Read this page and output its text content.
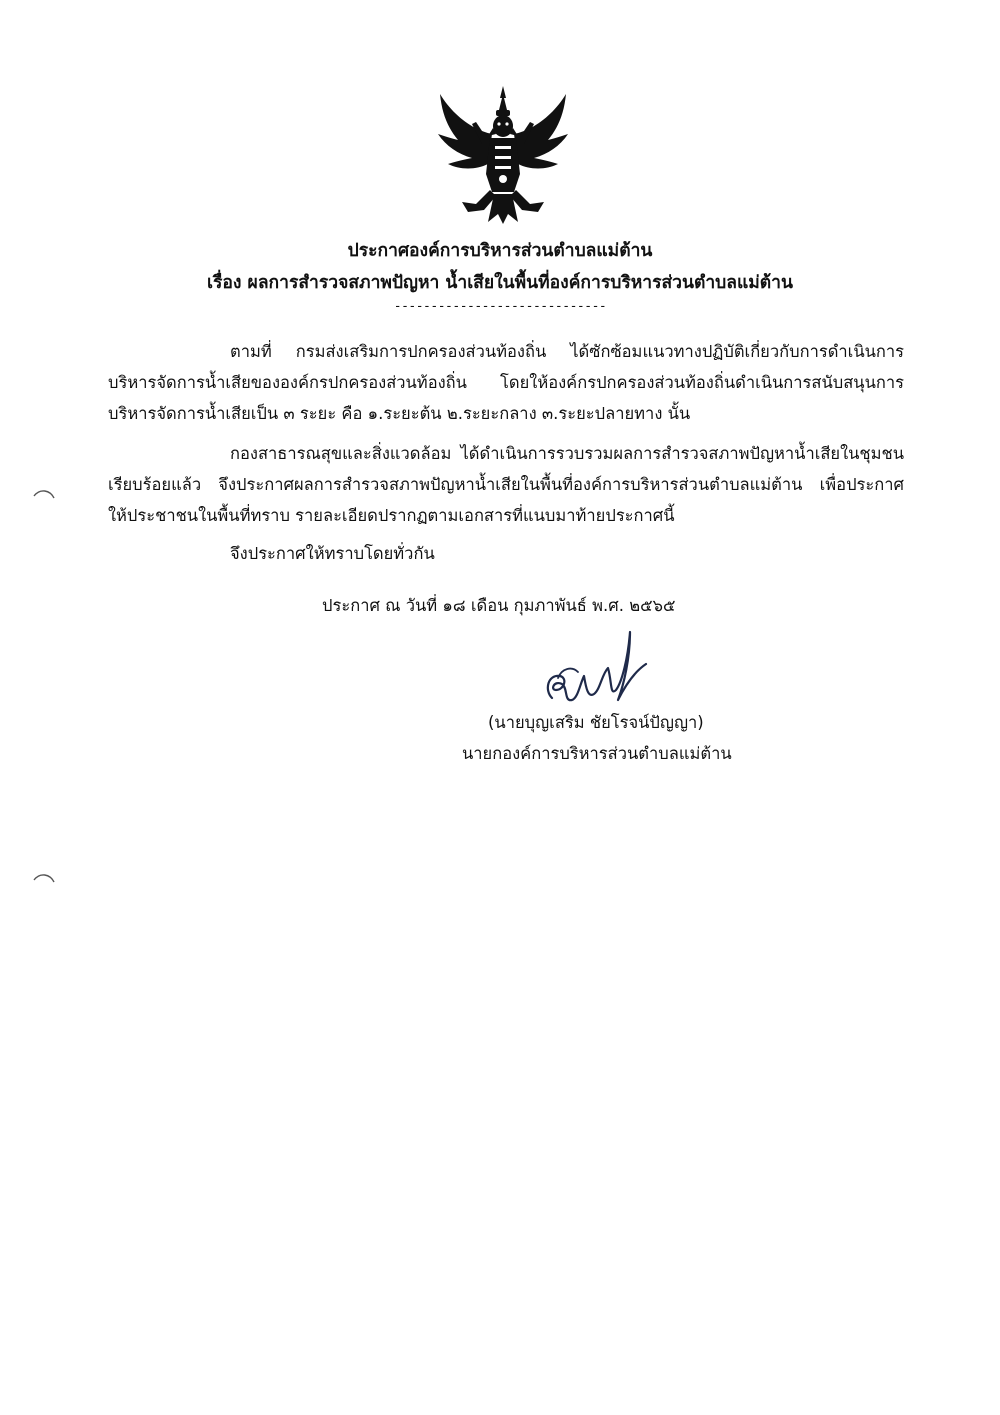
ประกาศองค์การบริหารส่วนตำบลแม่ต้าน
เรื่อง ผลการสำรวจสภาพปัญหา น้ำเสียในพื้นที่องค์การบริหารส่วนตำบลแม่ต้าน
-----------------------------
ตามที่ กรมส่งเสริมการปกครองส่วนท้องถิ่น ได้ซักซ้อมแนวทางปฏิบัติเกี่ยวกับการดำเนินการ
บริหารจัดการน้ำเสียขององค์กรปกครองส่วนท้องถิ่น โดยให้องค์กรปกครองส่วนท้องถิ่นดำเนินการสนับสนุนการ
บริหารจัดการน้ำเสียเป็น ๓ ระยะ คือ ๑.ระยะต้น ๒.ระยะกลาง ๓.ระยะปลายทาง นั้น
กองสาธารณสุขและสิ่งแวดล้อม ได้ดำเนินการรวบรวมผลการสำรวจสภาพปัญหาน้ำเสียในชุมชน
เรียบร้อยแล้ว จึงประกาศผลการสำรวจสภาพปัญหาน้ำเสียในพื้นที่องค์การบริหารส่วนตำบลแม่ต้าน เพื่อประกาศ
ให้ประชาชนในพื้นที่ทราบ รายละเอียดปรากฏตามเอกสารที่แนบมาท้ายประกาศนี้
จึงประกาศให้ทราบโดยทั่วกัน
ประกาศ ณ วันที่ ๑๘ เดือน กุมภาพันธ์ พ.ศ. ๒๕๖๕
(นายบุญเสริม ชัยโรจน์ปัญญา)
นายกองค์การบริหารส่วนตำบลแม่ต้าน
